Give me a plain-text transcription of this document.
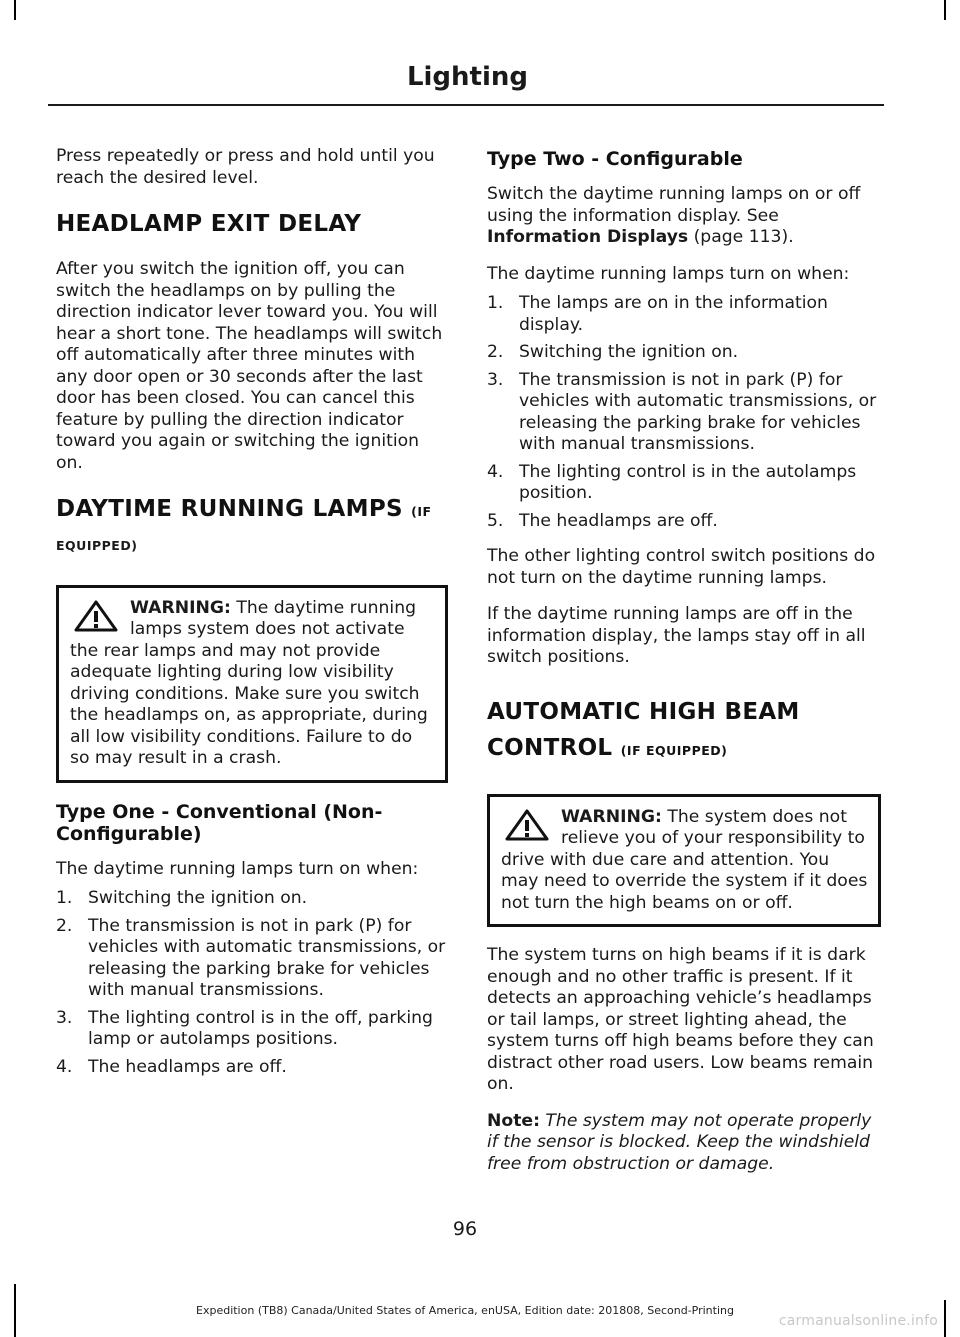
Lighting

Press repeatedly or press and hold until you reach the desired level.

HEADLAMP EXIT DELAY

After you switch the ignition off, you can switch the headlamps on by pulling the direction indicator lever toward you. You will hear a short tone. The headlamps will switch off automatically after three minutes with any door open or 30 seconds after the last door has been closed. You can cancel this feature by pulling the direction indicator toward you again or switching the ignition on.

DAYTIME RUNNING LAMPS (IF
EQUIPPED)
WARNING: The daytime running lamps system does not activate the rear lamps and may not provide adequate lighting during low visibility driving conditions. Make sure you switch the headlamps on, as appropriate, during all low visibility conditions. Failure to do so may result in a crash.
Type One - Conventional (Non-Configurable)

The daytime running lamps turn on when:

1. Switching the ignition on.
2. The transmission is not in park (P) for vehicles with automatic transmissions, or releasing the parking brake for vehicles with manual transmissions.
3. The lighting control is in the off, parking lamp or autolamps positions.
4. The headlamps are off.
Type Two - Configurable

Switch the daytime running lamps on or off using the information display. See Information Displays (page 113).

The daytime running lamps turn on when:

1. The lamps are on in the information display.
2. Switching the ignition on.
3. The transmission is not in park (P) for vehicles with automatic transmissions, or releasing the parking brake for vehicles with manual transmissions.
4. The lighting control is in the autolamps position.
5. The headlamps are off.

The other lighting control switch positions do not turn on the daytime running lamps.

If the daytime running lamps are off in the information display, the lamps stay off in all switch positions.

AUTOMATIC HIGH BEAM
CONTROL (IF EQUIPPED)
WARNING: The system does not relieve you of your responsibility to drive with due care and attention. You may need to override the system if it does not turn the high beams on or off.

The system turns on high beams if it is dark enough and no other traffic is present. If it detects an approaching vehicle’s headlamps or tail lamps, or street lighting ahead, the system turns off high beams before they can distract other road users. Low beams remain on.

Note: The system may not operate properly if the sensor is blocked. Keep the windshield free from obstruction or damage.

96
Expedition (TB8) Canada/United States of America, enUSA, Edition date: 201808, Second-Printing
carmanualsonline.info
